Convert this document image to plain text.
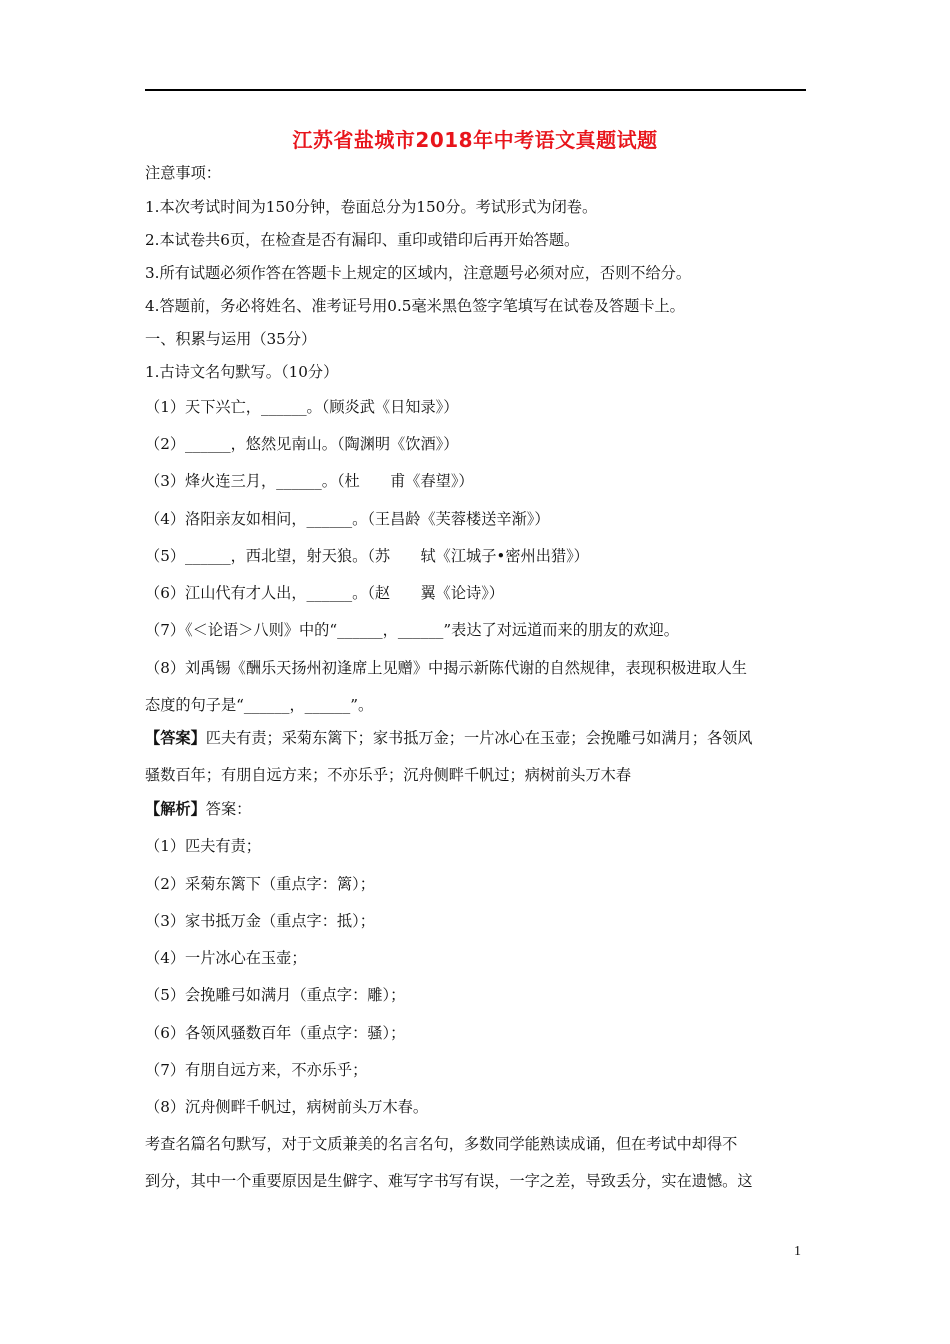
江苏省盐城市2018年中考语文真题试题
注意事项：
1.本次考试时间为150分钟，卷面总分为150分。考试形式为闭卷。
2.本试卷共6页，在检查是否有漏印、重印或错印后再开始答题。
3.所有试题必须作答在答题卡上规定的区域内，注意题号必须对应，否则不给分。
4.答题前，务必将姓名、准考证号用0.5毫米黑色签字笔填写在试卷及答题卡上。
一、积累与运用（35分）
1.古诗文名句默写。（10分）
（1）天下兴亡，______。（顾炎武《日知录》）
（2）______，悠然见南山。（陶渊明《饮酒》）
（3）烽火连三月，______。（杜　　甫《春望》）
（4）洛阳亲友如相问，______。（王昌龄《芙蓉楼送辛渐》）
（5）______，西北望，射天狼。（苏　　轼《江城子•密州出猎》）
（6）江山代有才人出，______。（赵　　翼《论诗》）
（7）《＜论语＞八则》中的“______，______”表达了对远道而来的朋友的欢迎。
（8）刘禹锡《酬乐天扬州初逢席上见赠》中揭示新陈代谢的自然规律，表现积极进取人生
态度的句子是“______，______”。
【答案】匹夫有责；采菊东篱下；家书抵万金；一片冰心在玉壶；会挽雕弓如满月；各领风
骚数百年；有朋自远方来；不亦乐乎；沉舟侧畔千帆过；病树前头万木春
【解析】答案：
（1）匹夫有责；
（2）采菊东篱下（重点字：篱）；
（3）家书抵万金（重点字：抵）；
（4）一片冰心在玉壶；
（5）会挽雕弓如满月（重点字：雕）；
（6）各领风骚数百年（重点字：骚）；
（7）有朋自远方来，不亦乐乎；
（8）沉舟侧畔千帆过，病树前头万木春。
考查名篇名句默写，对于文质兼美的名言名句，多数同学能熟读成诵，但在考试中却得不
到分，其中一个重要原因是生僻字、难写字书写有误，一字之差，导致丢分，实在遗憾。这
1
